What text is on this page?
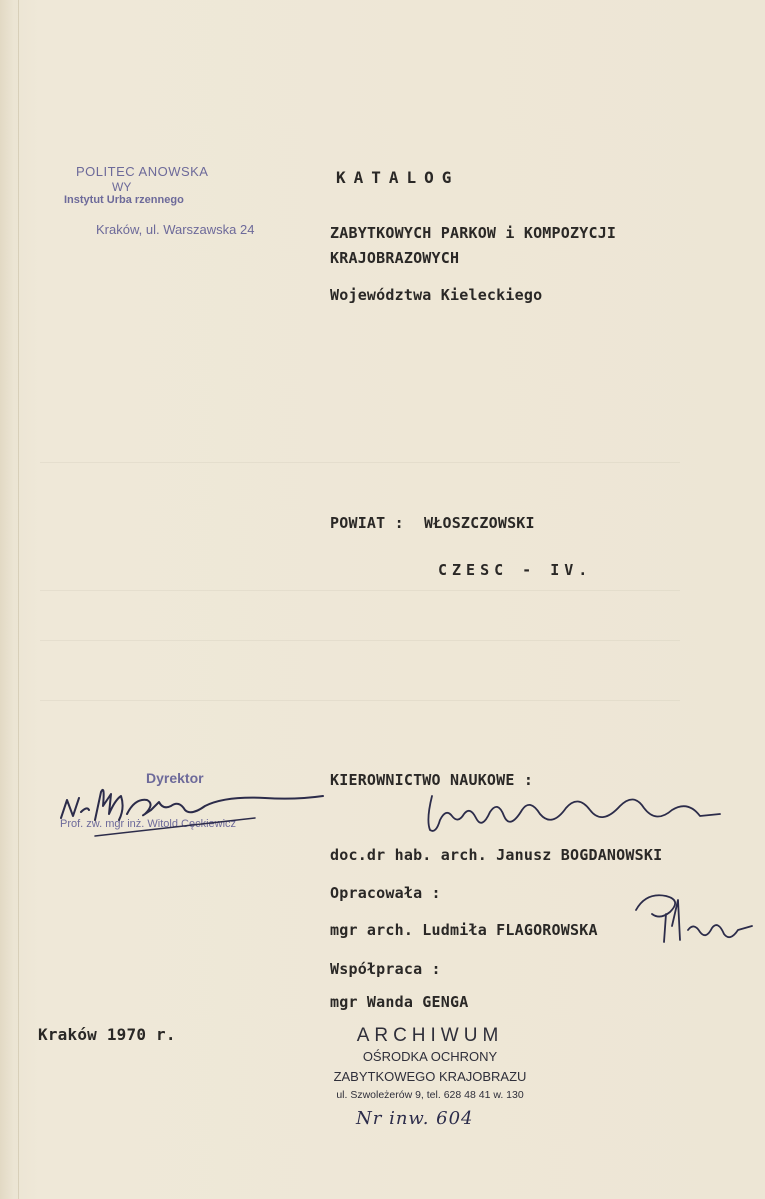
POLITEC ANOWSKA
WY
Instytut Urba rzennego
Kraków, ul. Warszawska 24
KATALOG
ZABYTKOWYCH PARKOW i KOMPOZYCJI
KRAJOBRAZOWYCH
Województwa Kieleckiego
POWIAT : WŁOSZCZOWSKI
CZESC - IV.
Dyrektor
Prof. zw. mgr inż. Witold Cęckiewicz
KIEROWNICTWO NAUKOWE :
doc.dr hab. arch. Janusz BOGDANOWSKI
Opracowała :
mgr arch. Ludmiła FLAGOROWSKA
Współpraca :
mgr Wanda GENGA
Kraków 1970 r.	ARCHIWUM
OŚRODKA OCHRONY
ZABYTKOWEGO KRAJOBRAZU
ul. Szwoleżerów 9, tel. 628 48 41 w. 130
Nr inw. 604
